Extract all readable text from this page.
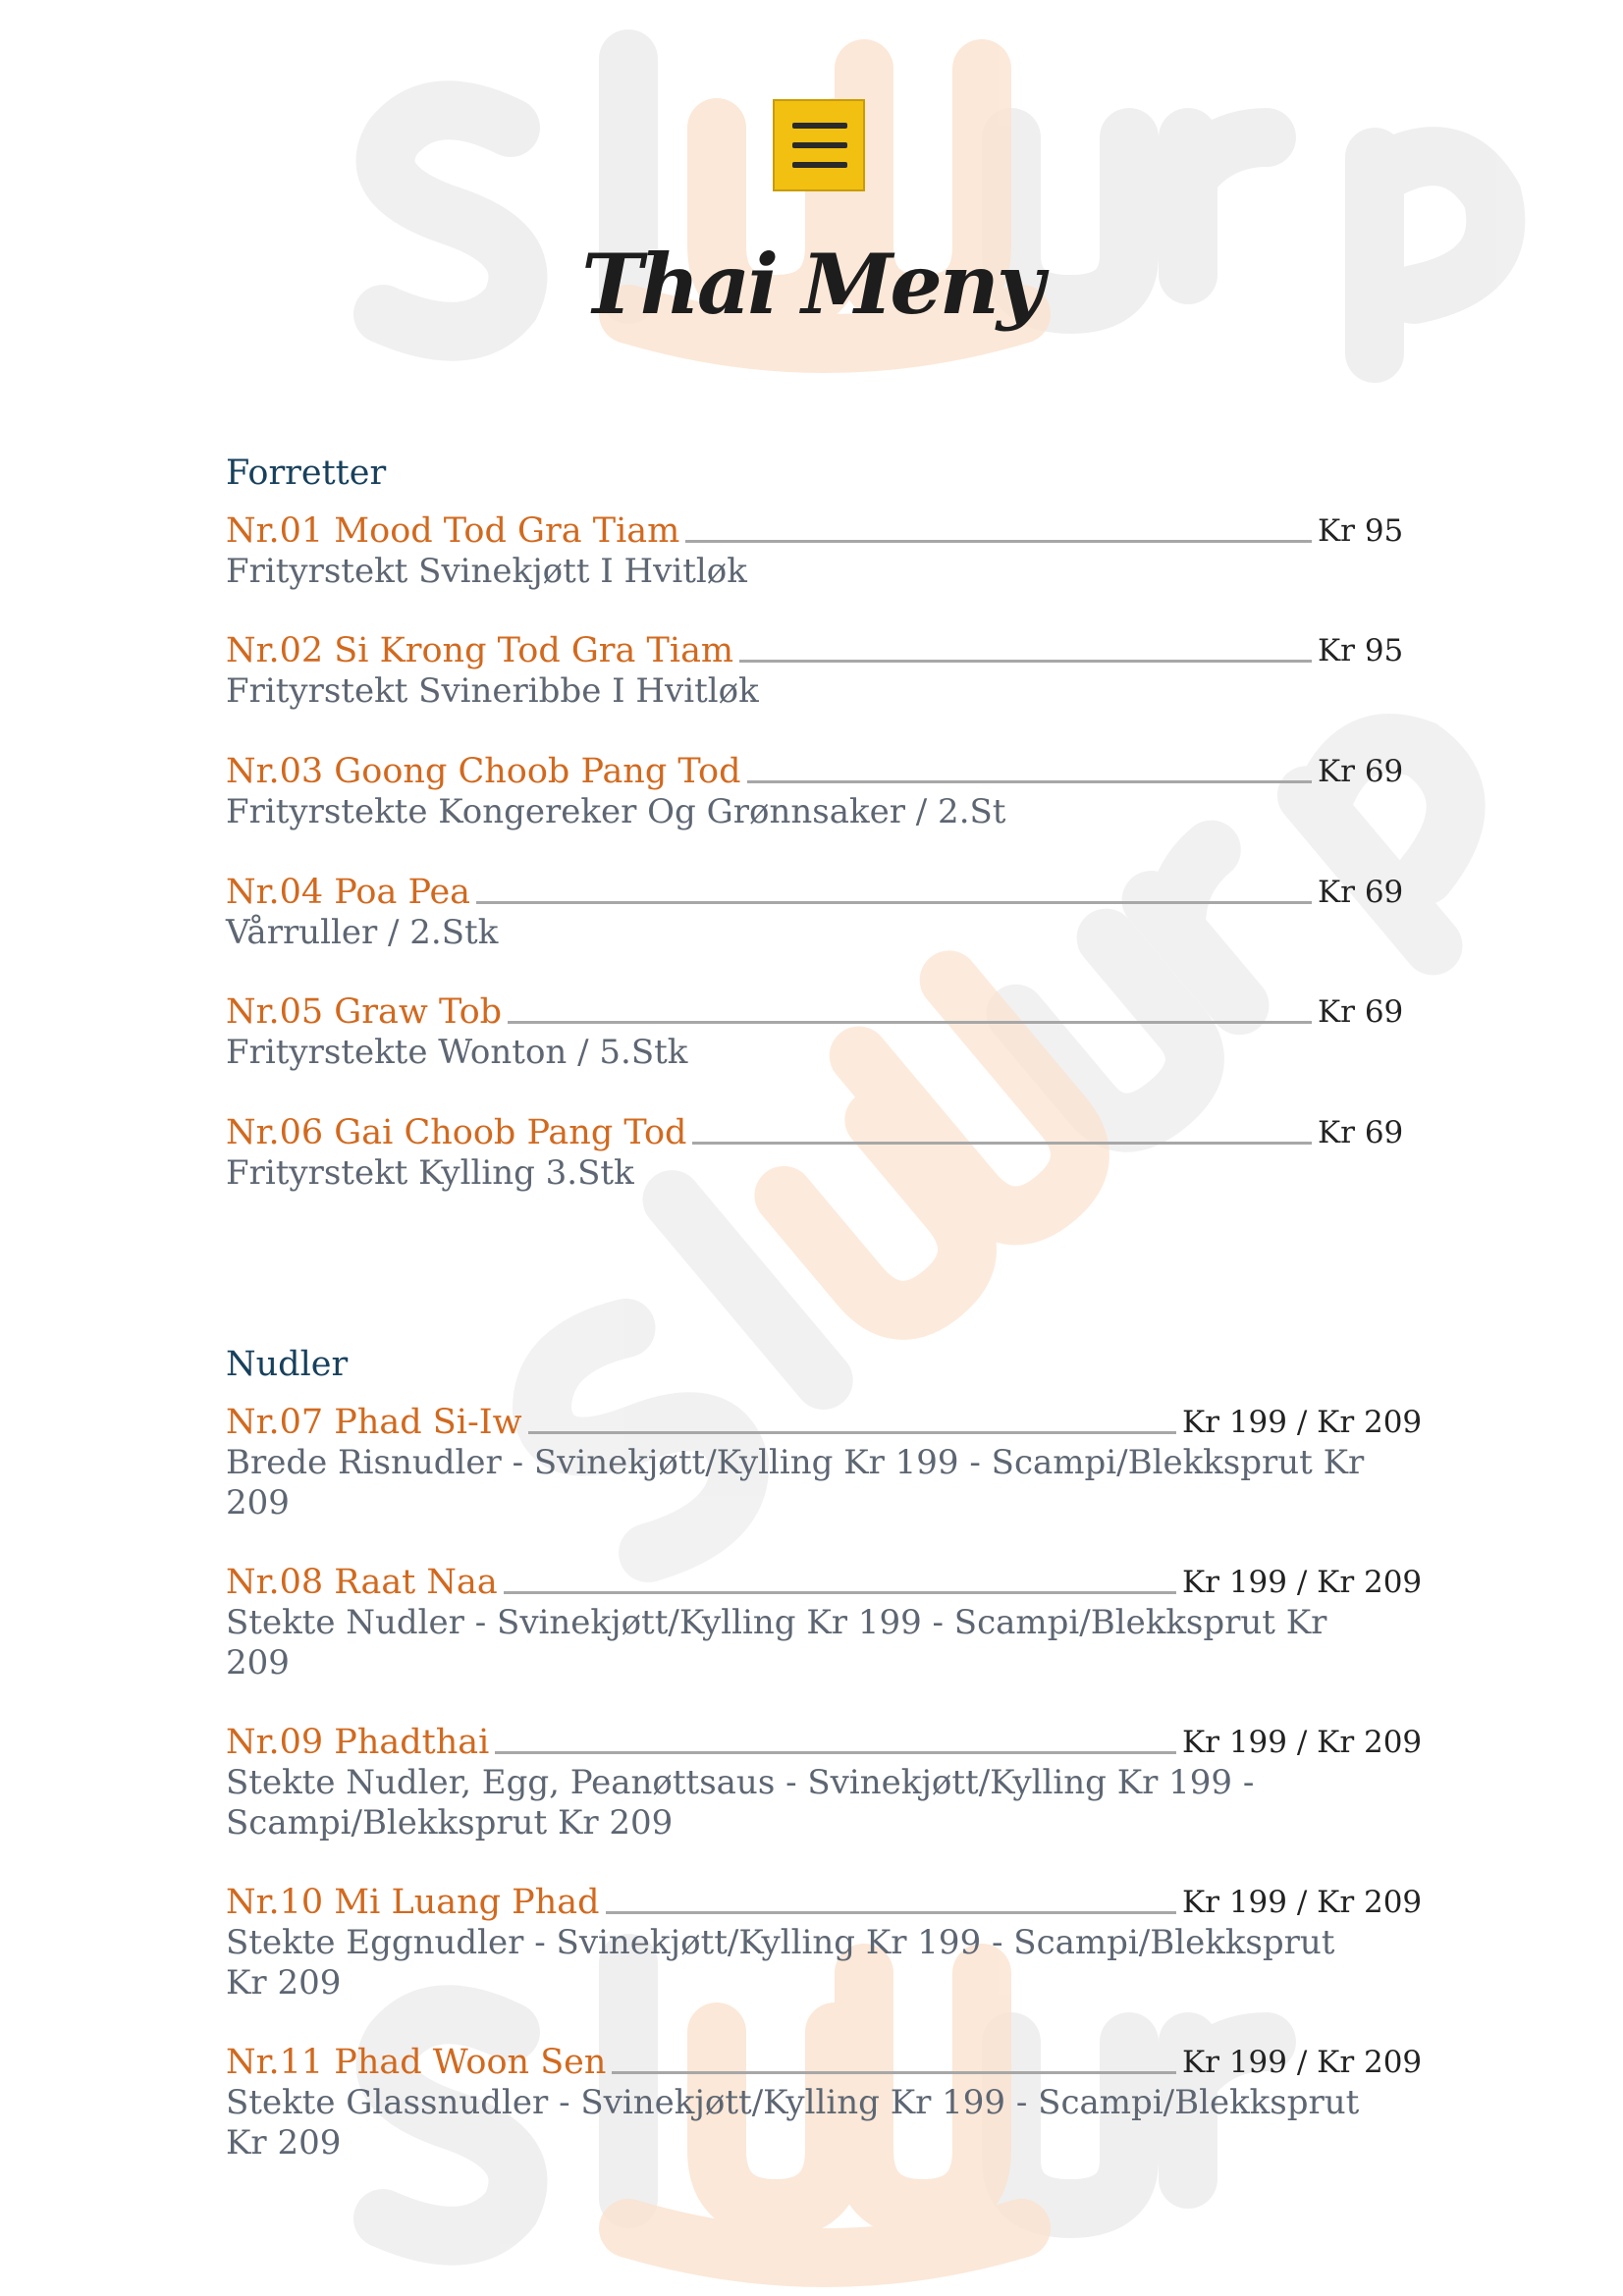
Thai Meny
Forretter
Nr.01 Mood Tod Gra Tiam	Kr 95
Frityrstekt Svinekjøtt I Hvitløk
Nr.02 Si Krong Tod Gra Tiam	Kr 95
Frityrstekt Svineribbe I Hvitløk
Nr.03 Goong Choob Pang Tod	Kr 69
Frityrstekte Kongereker Og Grønnsaker / 2.St
Nr.04 Poa Pea	Kr 69
Vårruller / 2.Stk
Nr.05 Graw Tob	Kr 69
Frityrstekte Wonton / 5.Stk
Nr.06 Gai Choob Pang Tod	Kr 69
Frityrstekt Kylling 3.Stk
Nudler
Nr.07 Phad Si-Iw	Kr 199 / Kr 209
Brede Risnudler - Svinekjøtt/Kylling Kr 199 - Scampi/Blekksprut Kr 209
Nr.08 Raat Naa	Kr 199 / Kr 209
Stekte Nudler - Svinekjøtt/Kylling Kr 199 - Scampi/Blekksprut Kr 209
Nr.09 Phadthai	Kr 199 / Kr 209
Stekte Nudler, Egg, Peanøttsaus - Svinekjøtt/Kylling Kr 199 - Scampi/Blekksprut Kr 209
Nr.10 Mi Luang Phad	Kr 199 / Kr 209
Stekte Eggnudler - Svinekjøtt/Kylling Kr 199 - Scampi/Blekksprut Kr 209
Nr.11 Phad Woon Sen	Kr 199 / Kr 209
Stekte Glassnudler - Svinekjøtt/Kylling Kr 199 - Scampi/Blekksprut Kr 209
